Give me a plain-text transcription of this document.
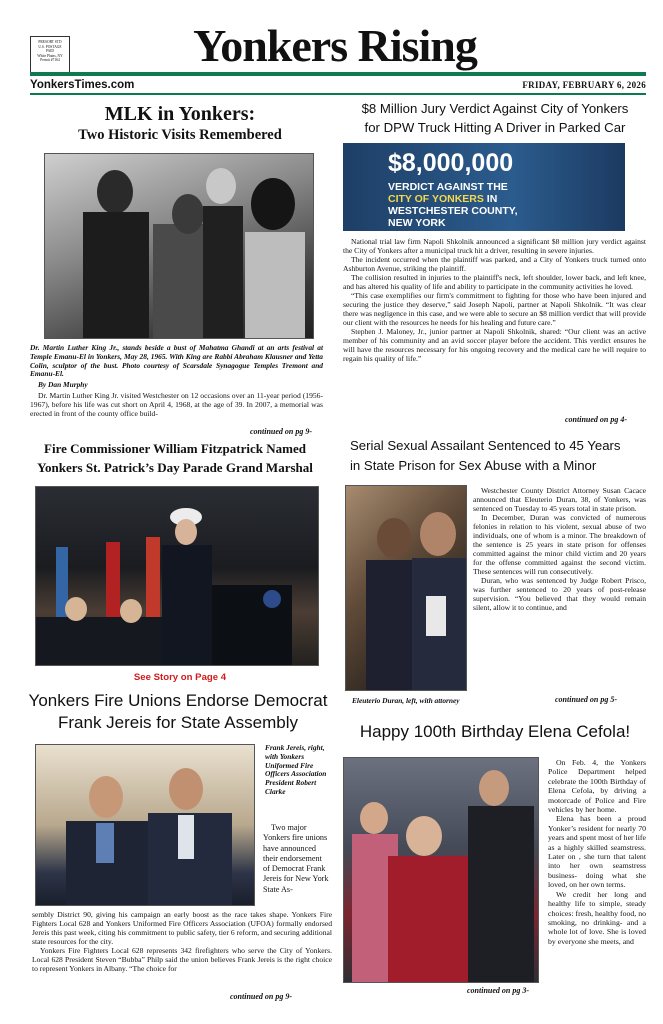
PRESORT STD
U.S. POSTAGE
PAID
White Plains, NY
Permit #7164	Yonkers Rising
YonkersTimes.com	FRIDAY, FEBRUARY 6, 2026
MLK in Yonkers:
Two Historic Visits Remembered
Dr. Martin Luther King Jr., stands beside a bust of Mahatma Ghandi at an arts festival at Temple Emanu-El in Yonkers, May 28, 1965. With King are Rabbi Abraham Klausner and Yetta Colin, sculptor of the bust. Photo courtesy of Scarsdale Synagogue Temples Tremont and Emanu-El.
By Dan Murphy

Dr. Martin Luther King Jr. visited Westchester on 12 occasions over an 11-year period (1956-1967), before his life was cut short on April 4, 1968, at the age of 39. In 2007, a memorial was erected in front of the county office build-

continued on pg 9-
$8 Million Jury Verdict Against City of Yonkers
for DPW Truck Hitting A Driver in Parked Car
$8,000,000
VERDICT AGAINST THE
CITY OF YONKERS IN
WESTCHESTER COUNTY,
NEW YORK

National trial law firm Napoli Shkolnik announced a significant $8 million jury verdict against the City of Yonkers after a municipal truck hit a driver, resulting in severe injuries.

The incident occurred when the plaintiff was parked, and a City of Yonkers truck turned onto Ashburton Avenue, striking the plaintiff.

The collision resulted in injuries to the plaintiff's neck, left shoulder, lower back, and left knee, and has altered his quality of life and ability to participate in the community activities he loved.

“This case exemplifies our firm's commitment to fighting for those who have been injured and securing the justice they deserve,” said Joseph Napoli, partner at Napoli Shkolnik. “It was clear there was negligence in this case, and we were able to secure an $8 million verdict that will provide our client with the resources he needs for his healing and future care.”

Stephen J. Maloney, Jr., junior partner at Napoli Shkolnik, shared: “Our client was an active member of his community and an avid soccer player before the accident. This verdict ensures he will have the resources necessary for his ongoing recovery and the medical care he will require to regain his quality of life.”

continued on pg 4-
Fire Commissioner William Fitzpatrick Named
Yonkers St. Patrick’s Day Parade Grand Marshal
See Story on Page 4
Serial Sexual Assailant Sentenced to 45 Years
in State Prison for Sex Abuse with a Minor

Westchester County District Attorney Susan Cacace announced that Eleuterio Duran, 38, of Yonkers, was sentenced on Tuesday to 45 years total in state prison.

In December, Duran was convicted of numerous felonies in relation to his violent, sexual abuse of two individuals, one of whom is a minor. The breakdown of the sentence is 25 years in state prison for offenses committed against the minor child victim and 20 years for the offense committed against the second victim. These sentences will run consecutively.

Duran, who was sentenced by Judge Robert Prisco, was further sentenced to 20 years of post-release supervision. “You believed that they would remain silent, allow it to continue, and

Eleuterio Duran, left, with attorney	continued on pg 5-
Yonkers Fire Unions Endorse Democrat
Frank Jereis for State Assembly
Frank Jereis, right, with Yonkers Uniformed Fire Officers Association President Robert Clarke

Two major Yonkers fire unions have announced their endorsement of Democrat Frank Jereis for New York State As-

sembly District 90, giving his campaign an early boost as the race takes shape. Yonkers Fire Fighters Local 628 and Yonkers Uniformed Fire Officers Association (UFOA) formally endorsed Jereis this past week, citing his commitment to public safety, tier 6 reform, and securing additional state resources for the city.

Yonkers Fire Fighters Local 628 represents 342 firefighters who serve the City of Yonkers. Local 628 President Steven “Bubba” Philp said the union believes Frank Jereis is the right choice to represent Yonkers in Albany. “The choice for

continued on pg 9-
Happy 100th Birthday Elena Cefola!

On Feb. 4, the Yonkers Police Department helped celebrate the 100th Birthday of Elena Cefola, by driving a motorcade of Police and Fire vehicles by her home.

Elena has been a proud Yonker’s resident for nearly 70 years and spent most of her life as a highly skilled seamstress. Later on , she turn that talent into her own seamstress business- doing what she loved, on her own terms.

We credit her long and healthy life to simple, steady choices: fresh, healthy food, no smoking, no drinking- and a whole lot of love. She is loved by everyone she meets, and

continued on pg 3-
